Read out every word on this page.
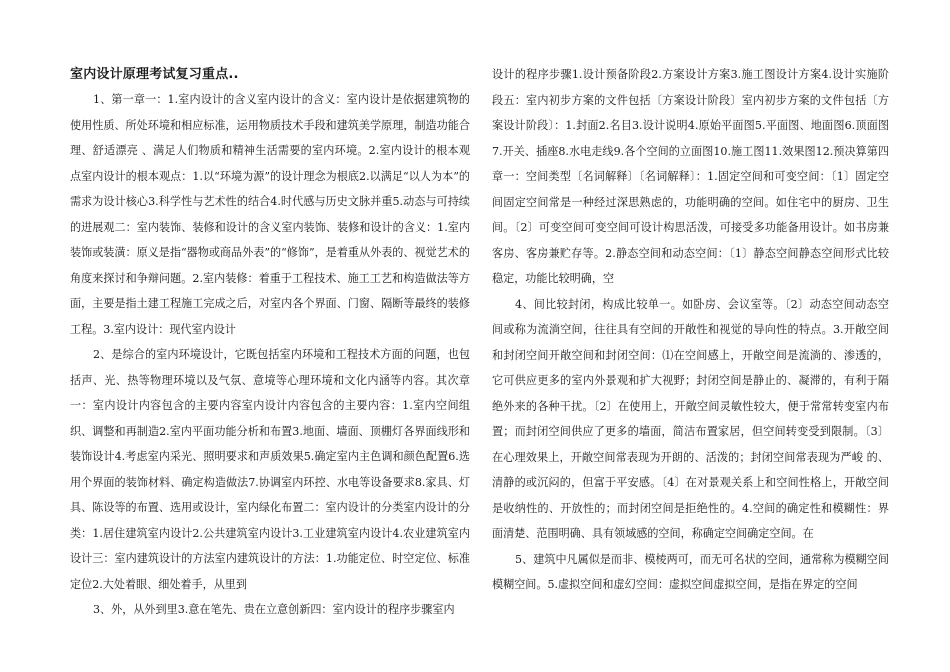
室内设计原理考试复习重点..

1、第一章一：1.室内设计的含义室内设计的含义：室内设计是依据建筑物的使用性质、所处环境和相应标准，运用物质技术手段和建筑美学原理，制造功能合理、舒适漂亮 、满足人们物质和精神生活需要的室内环境。2.室内设计的根本观点室内设计的根本观点：1.以“环境为源”的设计理念为根底2.以满足“以人为本”的需求为设计核心3.科学性与艺术性的结合4.时代感与历史文脉并重5.动态与可持续的进展观二：室内装饰、装修和设计的含义室内装饰、装修和设计的含义：1.室内装饰或装潢：原义是指“器物或商品外表”的“修饰”，是着重从外表的、视觉艺术的角度来探讨和争辩问题。2.室内装修：着重于工程技术、施工工艺和构造做法等方面，主要是指土建工程施工完成之后，对室内各个界面、门窗、隔断等最终的装修工程。3.室内设计：现代室内设计

2、是综合的室内环境设计，它既包括室内环境和工程技术方面的问题，也包括声、光、热等物理环境以及气氛、意境等心理环境和文化内涵等内容。其次章一：室内设计内容包含的主要内容室内设计内容包含的主要内容：1.室内空间组织、调整和再制造2.室内平面功能分析和布置3.地面、墙面、顶棚灯各界面线形和装饰设计4.考虑室内采光、照明要求和声质效果5.确定室内主色调和颜色配置6.选用个界面的装饰材料、确定构造做法7.协调室内环控、水电等设备要求8.家具、灯具、陈设等的布置、选用或设计，室内绿化布置二：室内设计的分类室内设计的分类：1.居住建筑室内设计2.公共建筑室内设计3.工业建筑室内设计4.农业建筑室内设计三：室内建筑设计的方法室内建筑设计的方法：1.功能定位、时空定位、标准定位2.大处着眼、细处着手，从里到

3、外，从外到里3.意在笔先、贵在立意创新四：室内设计的程序步骤室内

设计的程序步骤1.设计预备阶段2.方案设计方案3.施工图设计方案4.设计实施阶段五：室内初步方案的文件包括〔方案设计阶段〕室内初步方案的文件包括〔方案设计阶段〕：1.封面2.名目3.设计说明4.原始平面图5.平面图、地面图6.顶面图7.开关、插座8.水电走线9.各个空间的立面图10.施工图11.效果图12.预决算第四章一：空间类型〔名词解释〕〔名词解释〕：1.固定空间和可变空间：〔1〕固定空间固定空间常是一种经过深思熟虑的，功能明确的空间。如住宅中的厨房、卫生间。〔2〕可变空间可变空间可设计构思活泼，可接受多功能备用设计。如书房兼客房、客房兼贮存等。2.静态空间和动态空间：〔1〕静态空间静态空间形式比较稳定，功能比较明确，空

4、间比较封闭，构成比较单一。如卧房、会议室等。〔2〕动态空间动态空间或称为流淌空间，往往具有空间的开敞性和视觉的导向性的特点。3.开敞空间和封闭空间开敞空间和封闭空间：⑴在空间感上，开敞空间是流淌的、渗透的，它可供应更多的室内外景观和扩大视野；封闭空间是静止的、凝滞的，有利于隔绝外来的各种干扰。〔2〕在使用上，开敞空间灵敏性较大，便于常常转变室内布置；而封闭空间供应了更多的墙面，简洁布置家居，但空间转变受到限制。〔3〕在心理效果上，开敞空间常表现为开朗的、活泼的；封闭空间常表现为严峻 的、清静的或沉闷的，但富于平安感。〔4〕在对景观关系上和空间性格上，开敞空间是收纳性的、开放性的；而封闭空间是拒绝性的。4.空间的确定性和模糊性：界面清楚、范围明确、具有领域感的空间，称确定空间确定空间。在

5、建筑中凡属似是而非、模棱两可，而无可名状的空间，通常称为模糊空间模糊空间。5.虚拟空间和虚幻空间：虚拟空间虚拟空间，是指在界定的空间
